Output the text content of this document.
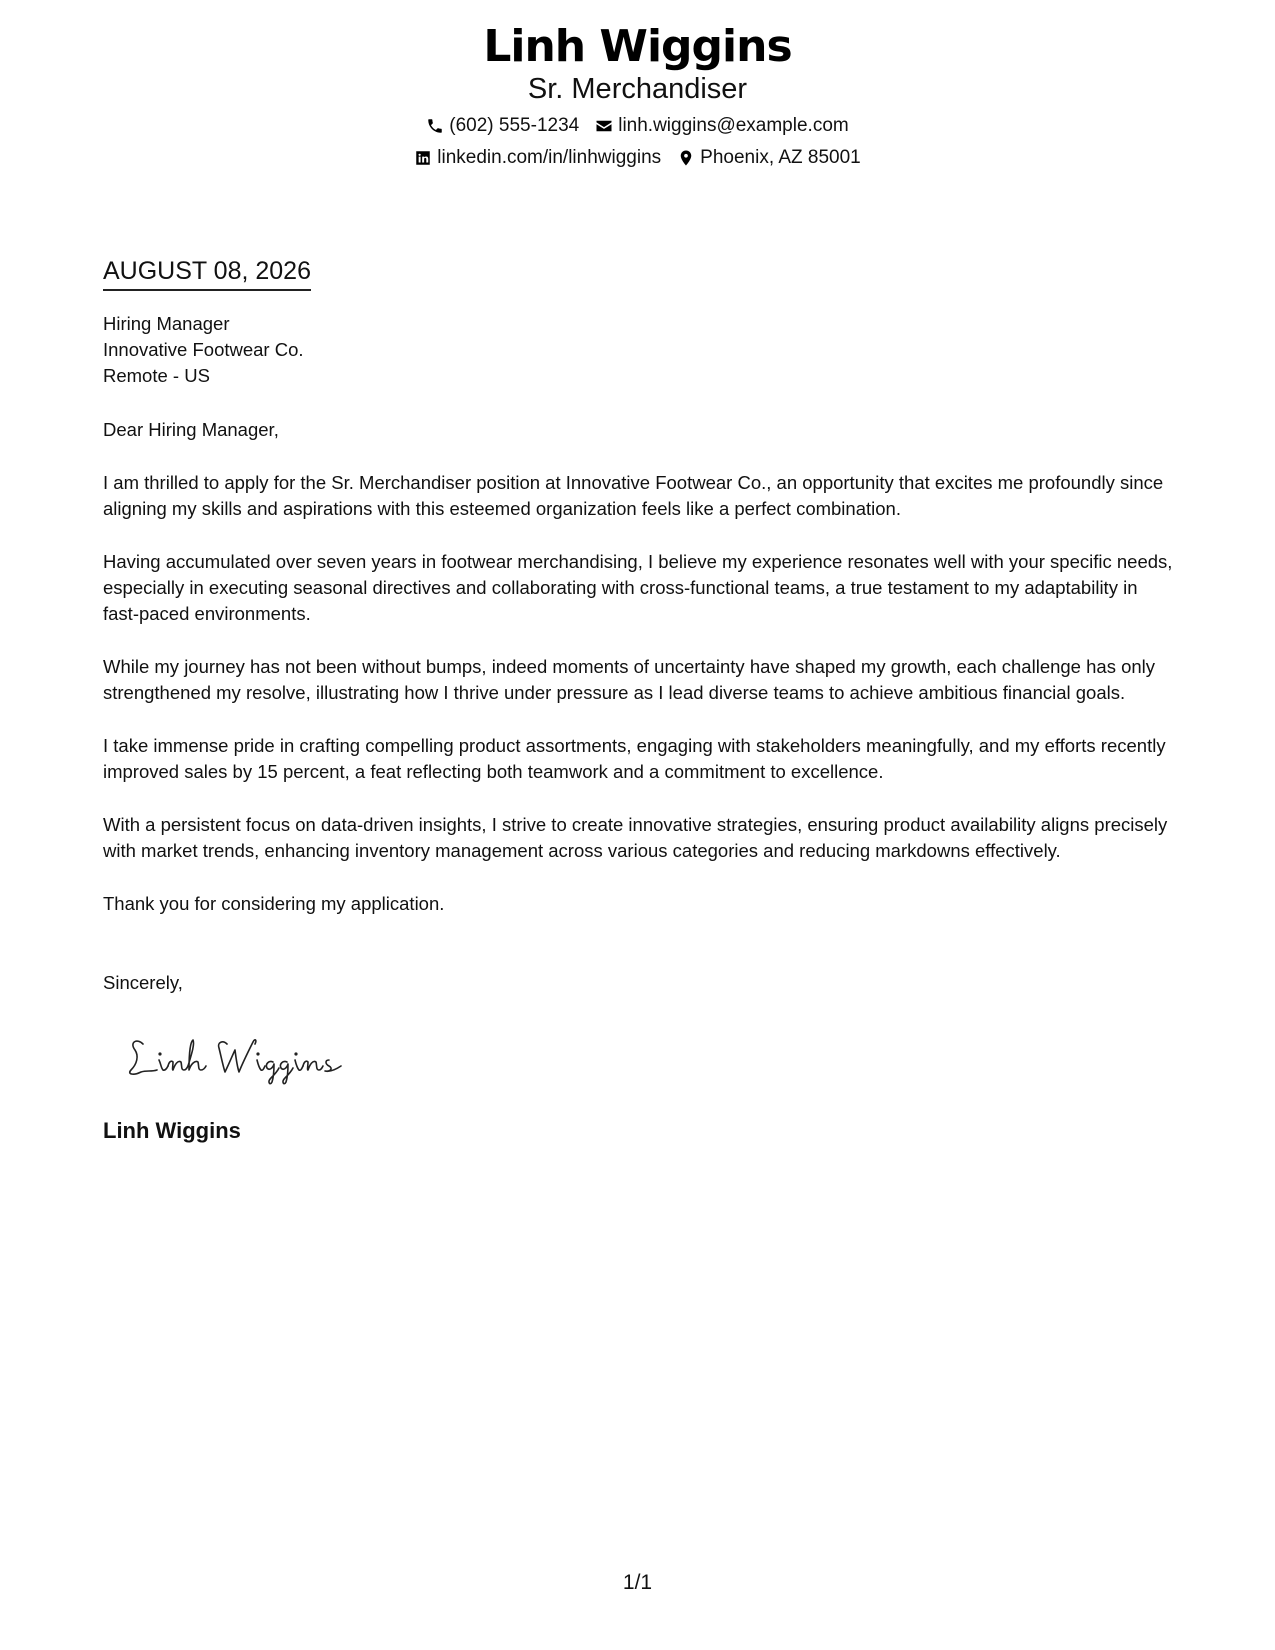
Linh Wiggins
Sr. Merchandiser
(602) 555-1234 linh.wiggins@example.com
linkedin.com/in/linhwiggins Phoenix, AZ 85001
AUGUST 08, 2026
Hiring Manager
Innovative Footwear Co.
Remote - US
Dear Hiring Manager,
I am thrilled to apply for the Sr. Merchandiser position at Innovative Footwear Co., an opportunity that excites me profoundly since aligning my skills and aspirations with this esteemed organization feels like a perfect combination.
Having accumulated over seven years in footwear merchandising, I believe my experience resonates well with your specific needs, especially in executing seasonal directives and collaborating with cross-functional teams, a true testament to my adaptability in fast-paced environments.
While my journey has not been without bumps, indeed moments of uncertainty have shaped my growth, each challenge has only strengthened my resolve, illustrating how I thrive under pressure as I lead diverse teams to achieve ambitious financial goals.
I take immense pride in crafting compelling product assortments, engaging with stakeholders meaningfully, and my efforts recently improved sales by 15 percent, a feat reflecting both teamwork and a commitment to excellence.
With a persistent focus on data-driven insights, I strive to create innovative strategies, ensuring product availability aligns precisely with market trends, enhancing inventory management across various categories and reducing markdowns effectively.
Thank you for considering my application.
Sincerely,
Linh Wiggins
1/1
